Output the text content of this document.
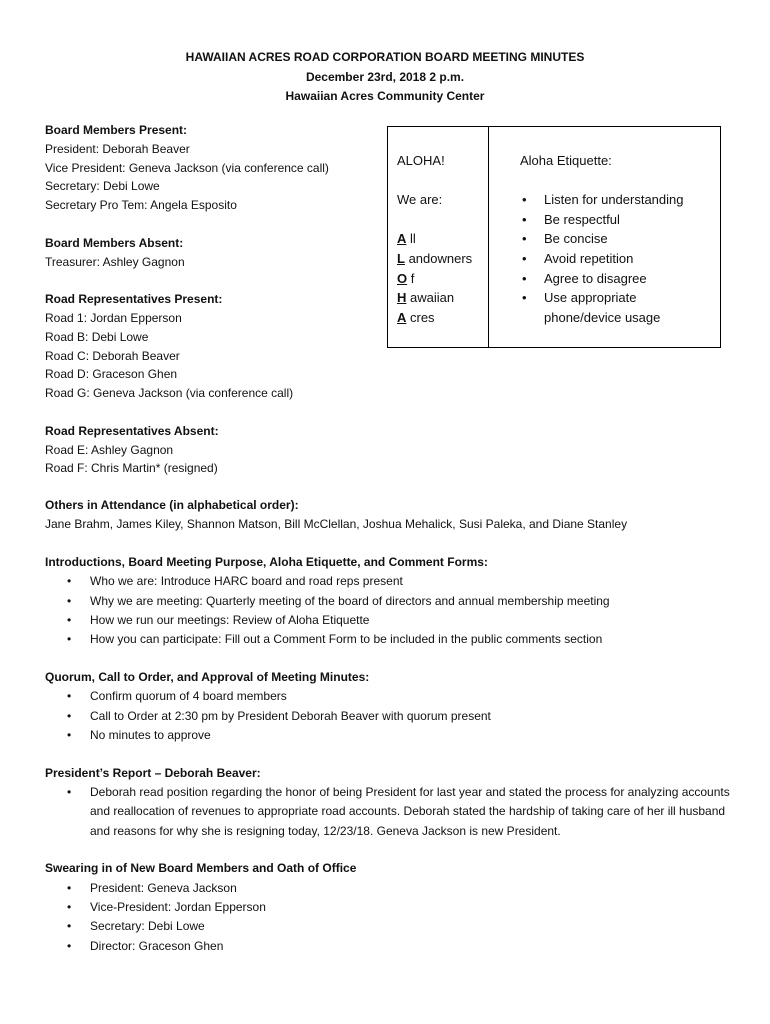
HAWAIIAN ACRES ROAD CORPORATION BOARD MEETING MINUTES
December 23rd, 2018 2 p.m.
Hawaiian Acres Community Center
Board Members Present:
President: Deborah Beaver
Vice President: Geneva Jackson (via conference call)
Secretary: Debi Lowe
Secretary Pro Tem: Angela Esposito
Board Members Absent:
Treasurer: Ashley Gagnon
Road Representatives Present:
Road 1: Jordan Epperson
Road B: Debi Lowe
Road C: Deborah Beaver
Road D: Graceson Ghen
Road G: Geneva Jackson (via conference call)
Road Representatives Absent:
Road E: Ashley Gagnon
Road F: Chris Martin* (resigned)
ALOHA!
We are:
A ll
L andowners
O f
H awaiian
A cres
Aloha Etiquette:
• Listen for understanding
• Be respectful
• Be concise
• Avoid repetition
• Agree to disagree
• Use appropriate phone/device usage
Others in Attendance (in alphabetical order):
Jane Brahm, James Kiley, Shannon Matson, Bill McClellan, Joshua Mehalick, Susi Paleka, and Diane Stanley
Introductions, Board Meeting Purpose, Aloha Etiquette, and Comment Forms:
• Who we are: Introduce HARC board and road reps present
• Why we are meeting: Quarterly meeting of the board of directors and annual membership meeting
• How we run our meetings: Review of Aloha Etiquette
• How you can participate: Fill out a Comment Form to be included in the public comments section
Quorum, Call to Order, and Approval of Meeting Minutes:
• Confirm quorum of 4 board members
• Call to Order at 2:30 pm by President Deborah Beaver with quorum present
• No minutes to approve
President’s Report – Deborah Beaver:
• Deborah read position regarding the honor of being President for last year and stated the process for analyzing accounts and reallocation of revenues to appropriate road accounts. Deborah stated the hardship of taking care of her ill husband and reasons for why she is resigning today, 12/23/18. Geneva Jackson is new President.
Swearing in of New Board Members and Oath of Office
• President: Geneva Jackson
• Vice-President: Jordan Epperson
• Secretary: Debi Lowe
• Director: Graceson Ghen
